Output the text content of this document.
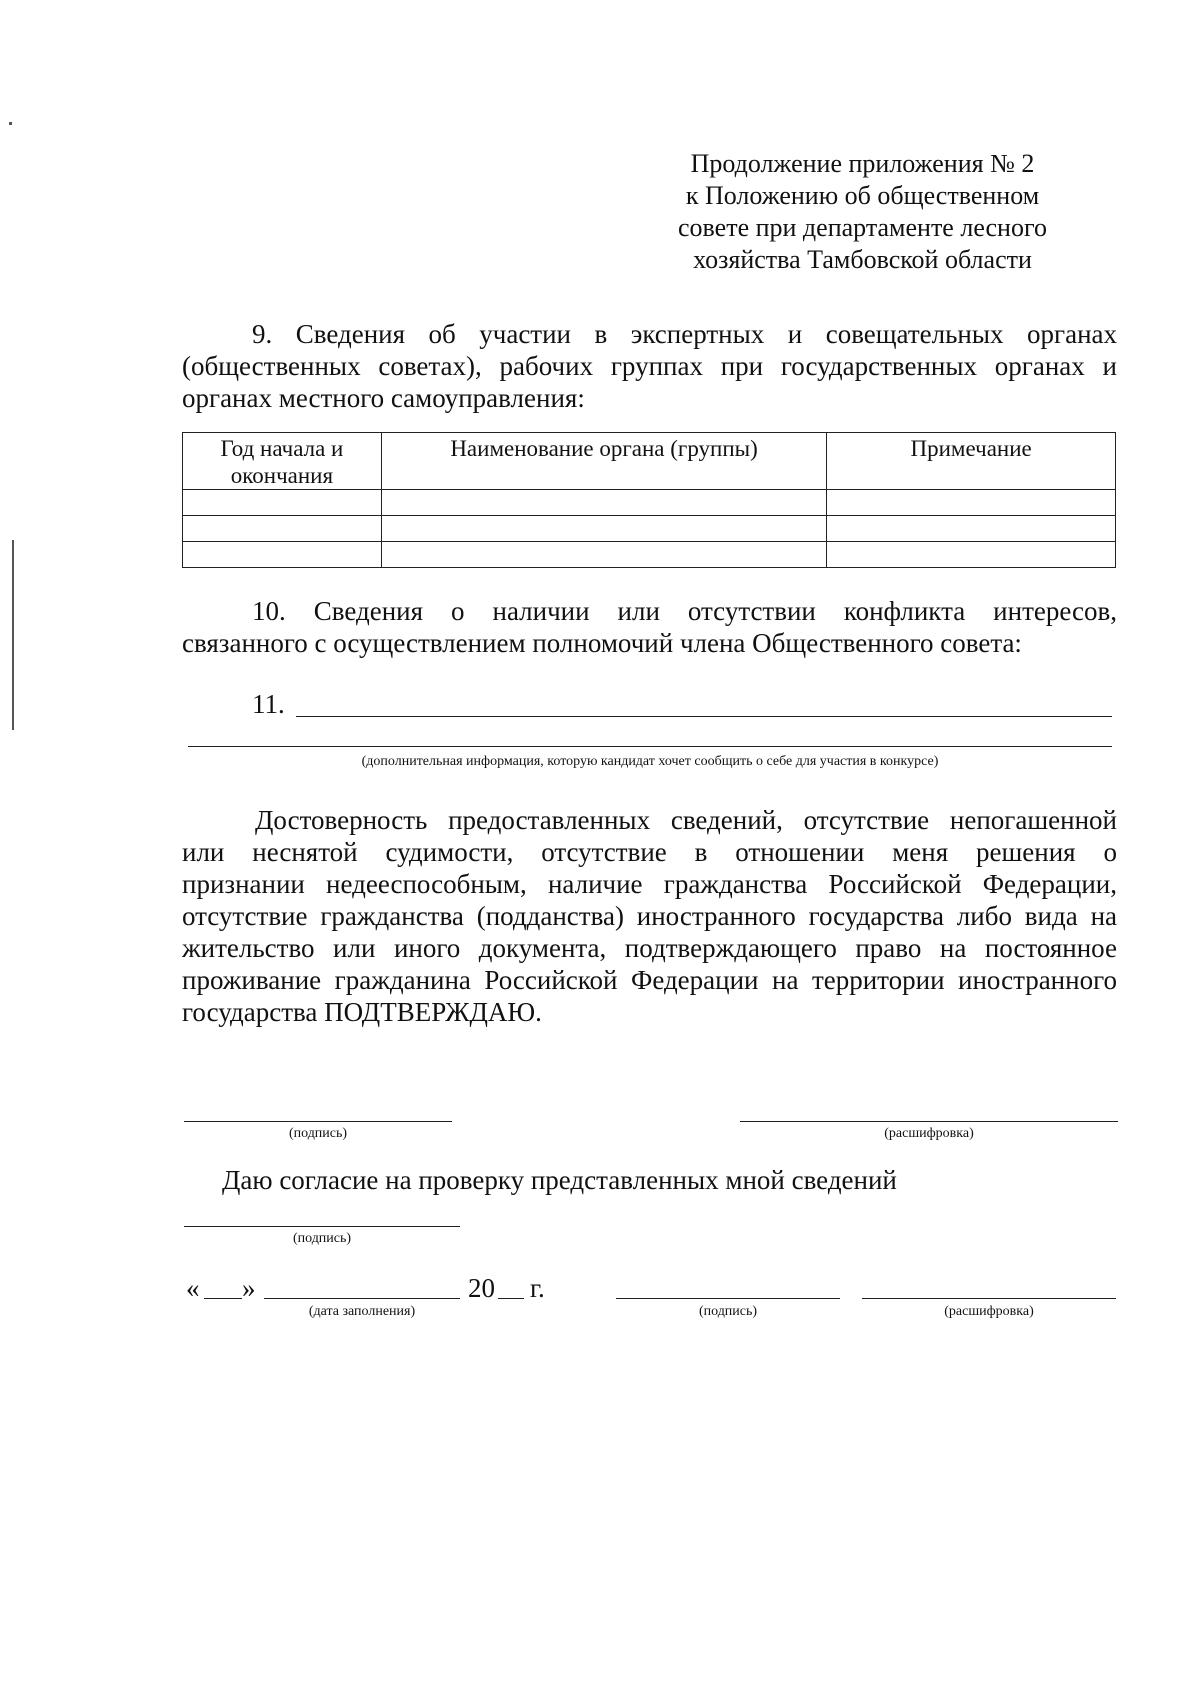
Продолжение приложения № 2
к Положению об общественном
совете при департаменте лесного
хозяйства Тамбовской области
9. Сведения об участии в экспертных и совещательных органах
(общественных советах), рабочих группах при государственных органах и
органах местного самоуправления:
Год начала и
окончания	Наименование органа (группы)	Примечание

10. Сведения о наличии или отсутствии конфликта интересов,
связанного с осуществлением полномочий члена Общественного совета:
11.
(дополнительная информация, которую кандидат хочет сообщить о себе для участия в конкурсе)
Достоверность предоставленных сведений, отсутствие непогашенной
или неснятой судимости, отсутствие в отношении меня решения о
признании недееспособным, наличие гражданства Российской Федерации,
отсутствие гражданства (подданства) иностранного государства либо вида на
жительство или иного документа, подтверждающего право на постоянное
проживание гражданина Российской Федерации на территории иностранного
государства ПОДТВЕРЖДАЮ.
(подпись)	(расшифровка)
Даю согласие на проверку представленных мной сведений
(подпись)
« »
(дата заполнения)
20 г.
(подпись)	(расшифровка)
